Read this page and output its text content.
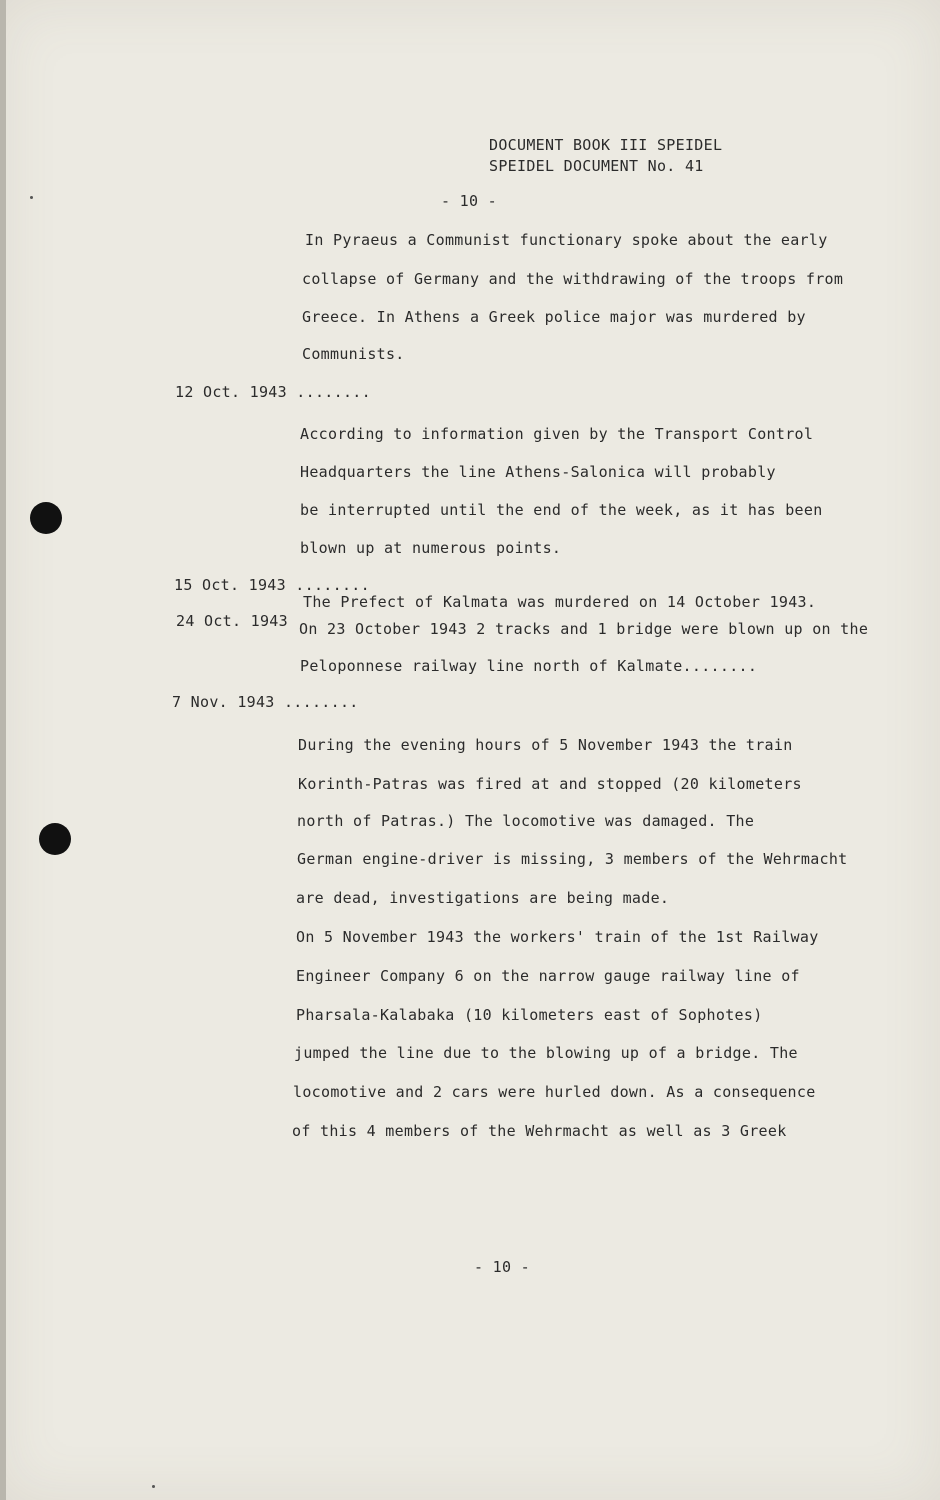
DOCUMENT BOOK III SPEIDEL
SPEIDEL DOCUMENT No. 41
- 10 -
In Pyraeus a Communist functionary spoke about the early
collapse of Germany and the withdrawing of the troops from
Greece. In Athens a Greek police major was murdered by
Communists.
12 Oct. 1943 ........
According to information given by the Transport Control
Headquarters the line Athens-Salonica will probably
be interrupted until the end of the week, as it has been
blown up at numerous points.
15 Oct. 1943 ........
The Prefect of Kalmata was murdered on 14 October 1943.
24 Oct. 1943 On 23 October 1943 2 tracks and 1 bridge were blown up on the
Peloponnese railway line north of Kalmate........
7 Nov. 1943 ........
During the evening hours of 5 November 1943 the train
Korinth-Patras was fired at and stopped (20 kilometers
north of Patras.) The locomotive was damaged. The
German engine-driver is missing, 3 members of the Wehrmacht
are dead, investigations are being made.
On 5 November 1943 the workers' train of the 1st Railway
Engineer Company 6 on the narrow gauge railway line of
Pharsala-Kalabaka (10 kilometers east of Sophotes)
jumped the line due to the blowing up of a bridge. The
locomotive and 2 cars were hurled down. As a consequence
of this 4 members of the Wehrmacht as well as 3 Greek
- 10 -
